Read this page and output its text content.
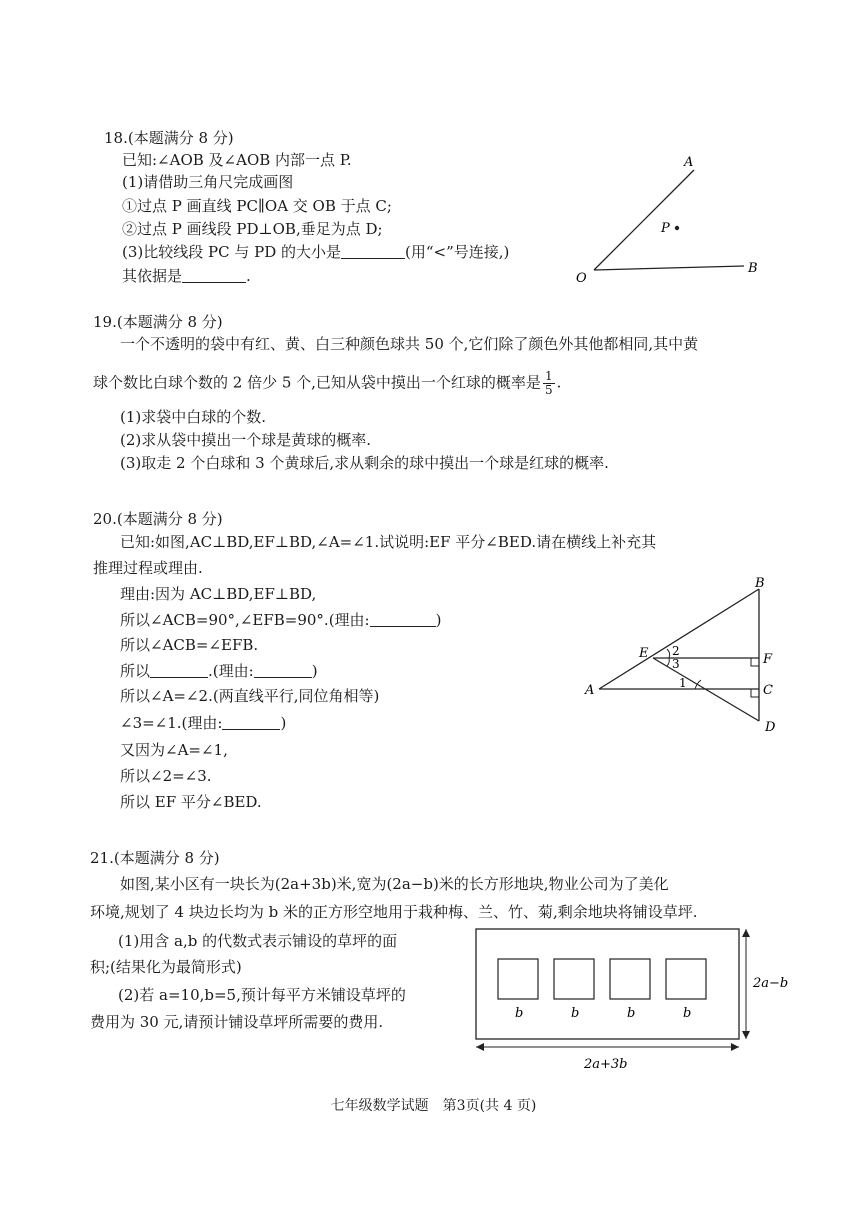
18.(本题满分 8 分)
已知:∠AOB 及∠AOB 内部一点 P.
(1)请借助三角尺完成画图
①过点 P 画直线 PC∥OA 交 OB 于点 C;
②过点 P 画线段 PD⊥OB,垂足为点 D;
(3)比较线段 PC 与 PD 的大小是	(用“<”号连接,)
其依据是	.
A
P
O
B
19.(本题满分 8 分)
一个不透明的袋中有红、黄、白三种颜色球共 50 个,它们除了颜色外其他都相同,其中黄
球个数比白球个数的 2 倍少 5 个,已知从袋中摸出一个红球的概率是 $\frac{1}{5}$ .
(1)求袋中白球的个数.
(2)求从袋中摸出一个球是黄球的概率.
(3)取走 2 个白球和 3 个黄球后,求从剩余的球中摸出一个球是红球的概率.
20.(本题满分 8 分)
已知:如图,AC⊥BD,EF⊥BD,∠A=∠1.试说明:EF 平分∠BED.请在横线上补充其
推理过程或理由.
理由:因为 AC⊥BD,EF⊥BD,
所以∠ACB=90°,∠EFB=90°.(理由:	)
所以∠ACB=∠EFB.
所以	.(理由:	)
所以∠A=∠2.(两直线平行,同位角相等)
∠3=∠1.(理由:	)
又因为∠A=∠1,
所以∠2=∠3.
所以 EF 平分∠BED.
B
E	F
A	C
D
2
3
1
21.(本题满分 8 分)
如图,某小区有一块长为(2a+3b)米,宽为(2a−b)米的长方形地块,物业公司为了美化
环境,规划了 4 块边长均为 b 米的正方形空地用于栽种梅、兰、竹、菊,剩余地块将铺设草坪.
(1)用含 a,b 的代数式表示铺设的草坪的面
积;(结果化为最简形式)
(2)若 a=10,b=5,预计每平方米铺设草坪的
费用为 30 元,请预计铺设草坪所需要的费用.	b	b	b	b
2a−b
2a+3b
七年级数学试题　第3页(共 4 页)
